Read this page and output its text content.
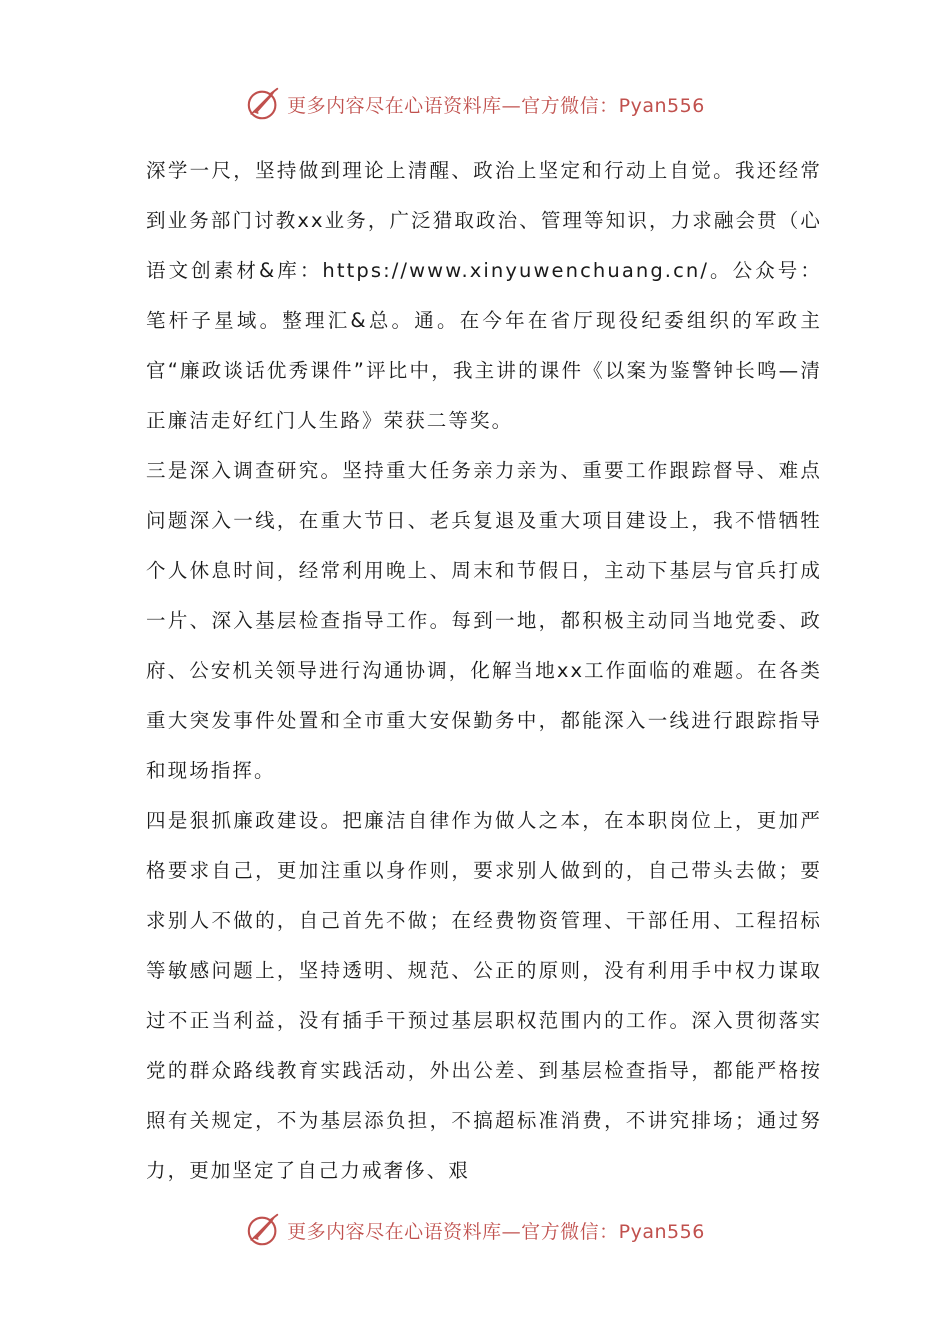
更多内容尽在心语资料库—官方微信：Pyan556

深学一尺，坚持做到理论上清醒、政治上坚定和行动上自觉。我还经常到业务部门讨教xx业务，广泛猎取政治、管理等知识，力求融会贯（心语文创素材&库：https://www.xinyuwenchuang.cn/。公众号：笔杆子星域。整理汇&总。通。在今年在省厅现役纪委组织的军政主官“廉政谈话优秀课件”评比中，我主讲的课件《以案为鉴警钟长鸣—清正廉洁走好红门人生路》荣获二等奖。

三是深入调查研究。坚持重大任务亲力亲为、重要工作跟踪督导、难点问题深入一线，在重大节日、老兵复退及重大项目建设上，我不惜牺牲个人休息时间，经常利用晚上、周末和节假日，主动下基层与官兵打成一片、深入基层检查指导工作。每到一地，都积极主动同当地党委、政府、公安机关领导进行沟通协调，化解当地xx工作面临的难题。在各类重大突发事件处置和全市重大安保勤务中，都能深入一线进行跟踪指导和现场指挥。

四是狠抓廉政建设。把廉洁自律作为做人之本，在本职岗位上，更加严格要求自己，更加注重以身作则，要求别人做到的，自己带头去做；要求别人不做的，自己首先不做；在经费物资管理、干部任用、工程招标等敏感问题上，坚持透明、规范、公正的原则，没有利用手中权力谋取过不正当利益，没有插手干预过基层职权范围内的工作。深入贯彻落实党的群众路线教育实践活动，外出公差、到基层检查指导，都能严格按照有关规定，不为基层添负担，不搞超标准消费，不讲究排场；通过努力，更加坚定了自己力戒奢侈、艰

更多内容尽在心语资料库—官方微信：Pyan556
